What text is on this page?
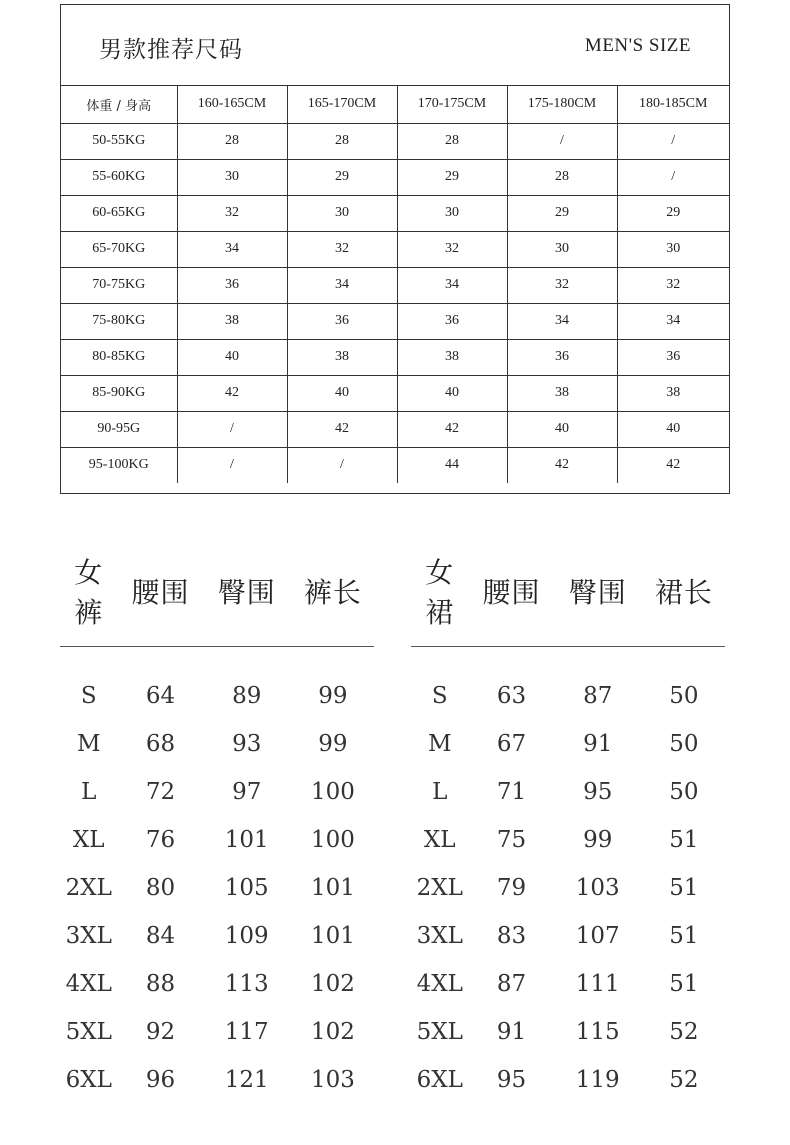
男款推荐尺码	MEN'S SIZE
体重 / 身高	160-165CM	165-170CM	170-175CM	175-180CM	180-185CM
50-55KG	28	28	28	/	/
55-60KG	30	29	29	28	/
60-65KG	32	30	30	29	29
65-70KG	34	32	32	30	30
70-75KG	36	34	34	32	32
75-80KG	38	36	36	34	34
80-85KG	40	38	38	36	36
85-90KG	42	40	40	38	38
90-95G	/	42	42	40	40
95-100KG	/	/	44	42	42
女裤
腰围	臀围	裤长
S	64	89	99
M	68	93	99
L	72	97	100
XL	76	101	100
2XL	80	105	101
3XL	84	109	101
4XL	88	113	102
5XL	92	117	102
6XL	96	121	103
女裙
腰围	臀围	裙长
S	63	87	50
M	67	91	50
L	71	95	50
XL	75	99	51
2XL	79	103	51
3XL	83	107	51
4XL	87	111	51
5XL	91	115	52
6XL	95	119	52
